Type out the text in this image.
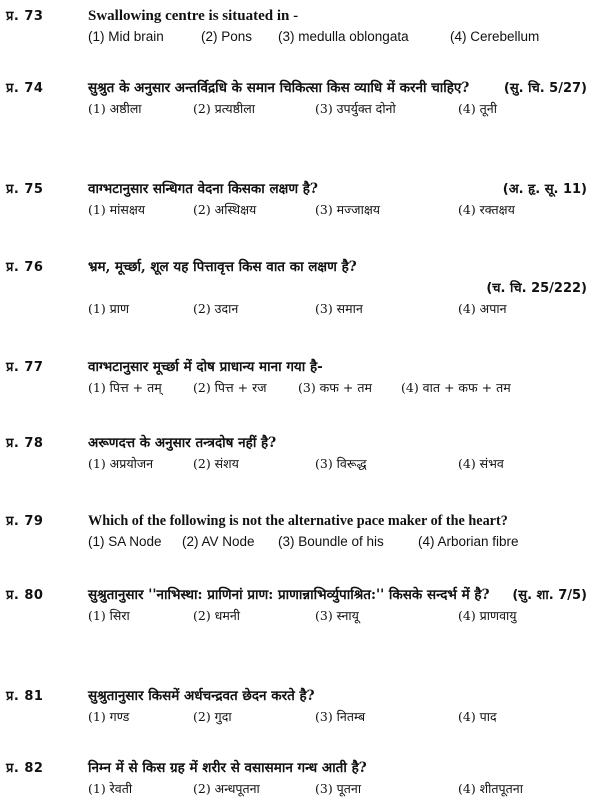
प्र. 73	Swallowing centre is situated in -
(1) Mid brain	(2) Pons	(3) medulla oblongata	(4) Cerebellum
प्र. 74	सुश्रुत के अनुसार अन्तर्विद्रधि के समान चिकित्सा किस व्याधि में करनी चाहिए?	(सु. चि. 5/27)
(1) अष्ठीला	(2) प्रत्यष्ठीला	(3) उपर्युक्त दोनो	(4) तूनी
प्र. 75	वाग्भटानुसार सन्धिगत वेदना किसका लक्षण है?	(अ. हृ. सू. 11)
(1) मांसक्षय	(2) अस्थिक्षय	(3) मज्जाक्षय	(4) रक्तक्षय
प्र. 76	भ्रम, मूर्च्छा, शूल यह पित्तावृत्त किस वात का लक्षण है?
(च. चि. 25/222)
(1) प्राण	(2) उदान	(3) समान	(4) अपान
प्र. 77	वाग्भटानुसार मूर्च्छा में दोष प्राधान्य माना गया है-
(1) पित्त + तम्	(2) पित्त + रज	(3) कफ + तम	(4) वात + कफ + तम
प्र. 78	अरूणदत्त के अनुसार तन्त्रदोष नहीं है?
(1) अप्रयोजन	(2) संशय	(3) विरूद्ध	(4) संभव
प्र. 79	Which of the following is not the alternative pace maker of the heart?
(1) SA Node	(2) AV Node	(3) Boundle of his	(4) Arborian fibre
प्र. 80	सुश्रुतानुसार ''नाभिस्था: प्राणिनां प्राण: प्राणान्नाभिर्व्युपाश्रित:'' किसके सन्दर्भ में है? (सु. शा. 7/5)
(1) सिरा	(2) धमनी	(3) स्नायू	(4) प्राणवायु
प्र. 81	सुश्रुतानुसार किसमें अर्धचन्द्रवत छेदन करते है?
(1) गण्ड	(2) गुदा	(3) नितम्ब	(4) पाद
प्र. 82	निम्न में से किस ग्रह में शरीर से वसासमान गन्ध आती है?
(1) रेवती	(2) अन्धपूतना	(3) पूतना	(4) शीतपूतना
